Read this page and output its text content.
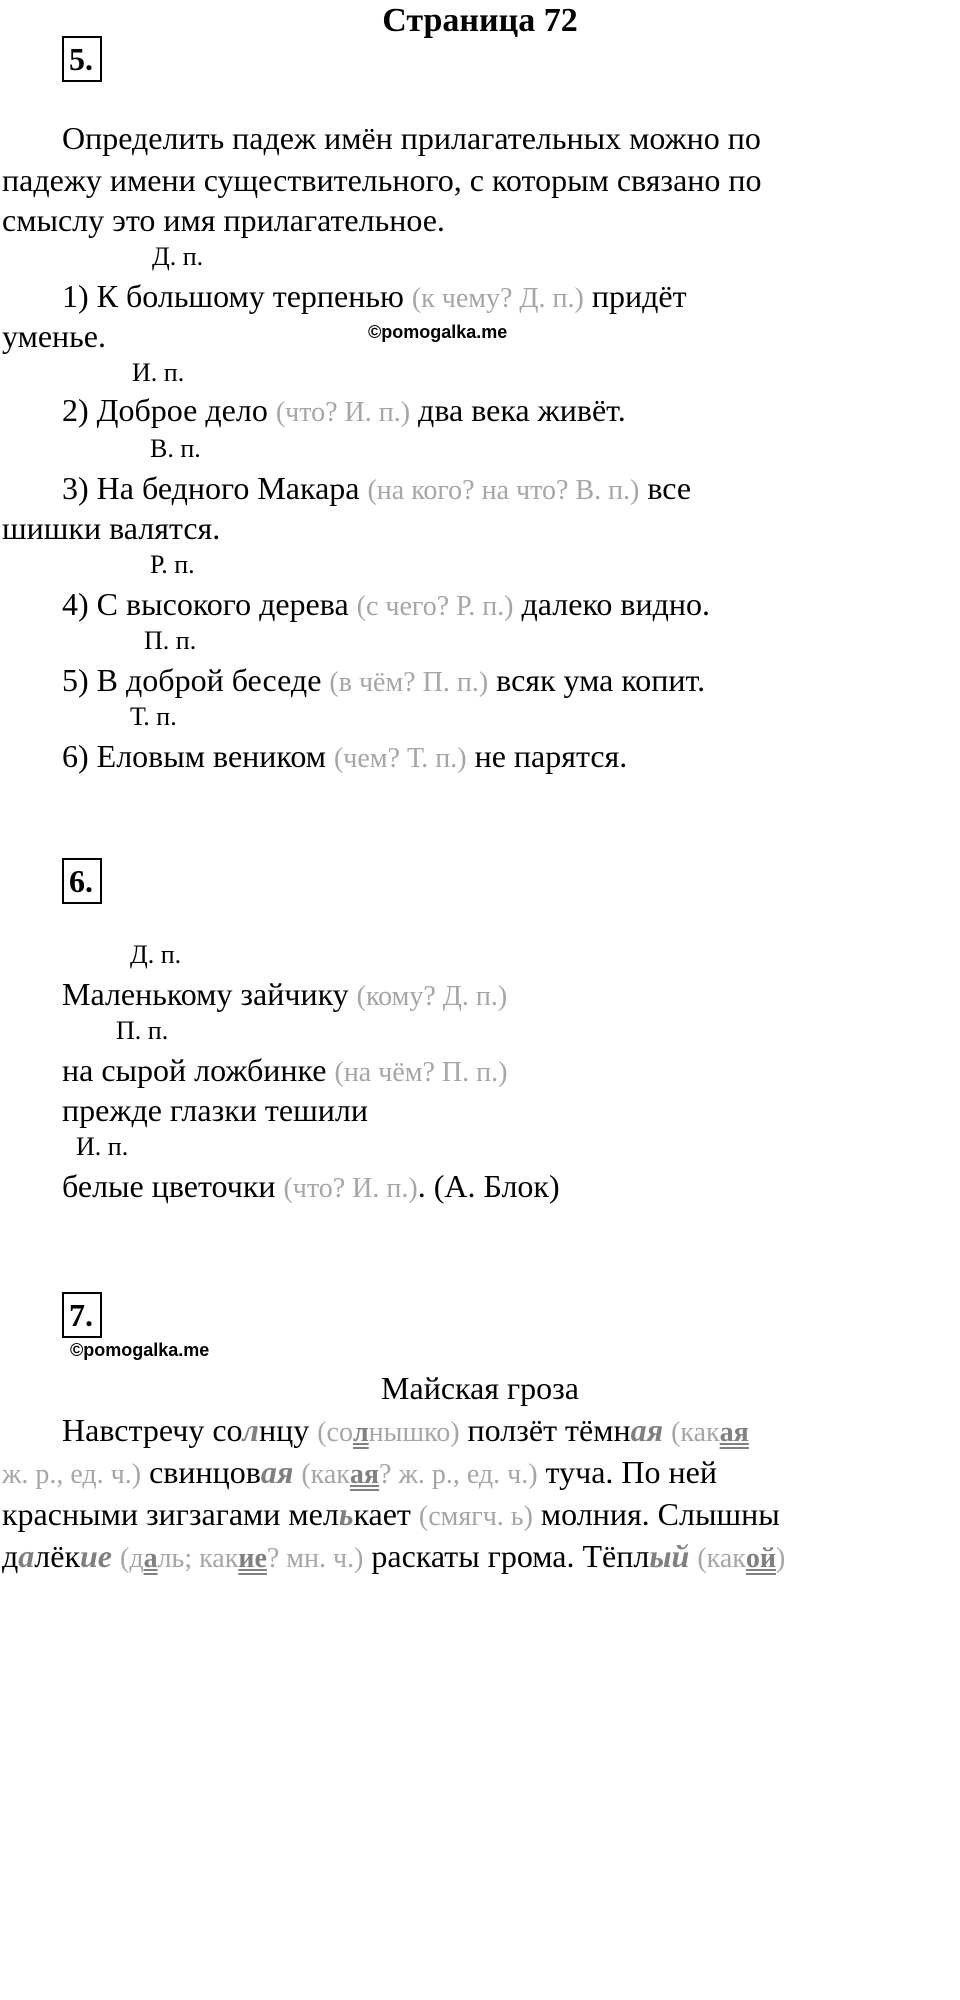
Страница 72
5.
Определить падеж имён прилагательных можно по
падежу имени существительного, с которым связано по
смыслу это имя прилагательное.
Д. п.
1) К большому терпенью (к чему? Д. п.) придёт
уменье.	©pomogalka.me
И. п.
2) Доброе дело (что? И. п.) два века живёт.
В. п.
3) На бедного Макара (на кого? на что? В. п.) все
шишки валятся.
Р. п.
4) С высокого дерева (с чего? Р. п.) далеко видно.
П. п.
5) В доброй беседе (в чём? П. п.) всяк ума копит.
Т. п.
6) Еловым веником (чем? Т. п.) не парятся.
6.
Д. п.
Маленькому зайчику (кому? Д. п.)
П. п.
на сырой ложбинке (на чём? П. п.)
прежде глазки тешили
И. п.
белые цветочки (что? И. п.). (А. Блок)
7.
©pomogalka.me
Майская гроза
Навстречу солнцу (солнышко) ползёт тёмная (какая
ж. р., ед. ч.) свинцовая (какая? ж. р., ед. ч.) туча. По ней
красными зигзагами мелькает (смягч. ь) молния. Слышны
далёкие (даль; какие? мн. ч.) раскаты грома. Тёплый (какой)
